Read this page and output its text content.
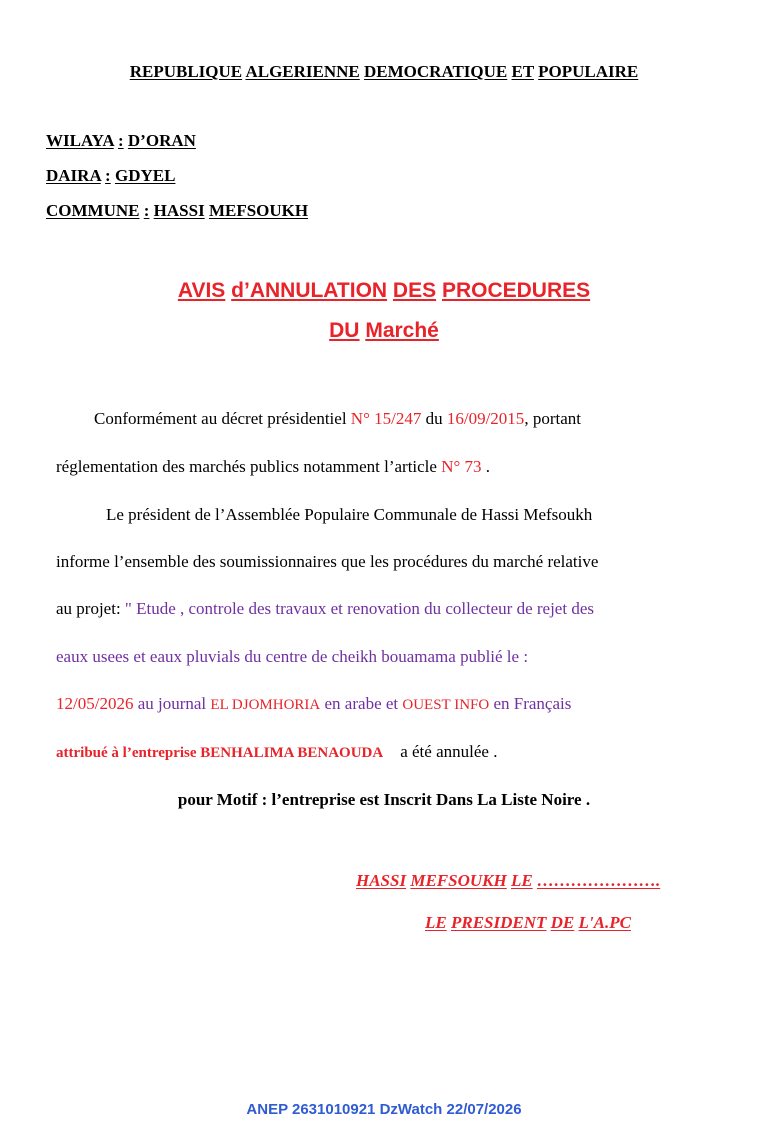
REPUBLIQUE ALGERIENNE DEMOCRATIQUE ET POPULAIRE
WILAYA : D’ORAN
DAIRA : GDYEL
COMMUNE : HASSI MEFSOUKH
AVIS d’ANNULATION DES PROCEDURES
DU Marché
Conformément au décret présidentiel N° 15/247 du 16/09/2015, portant
réglementation des marchés publics notamment l’article N° 73 .
Le président de l’Assemblée Populaire Communale de Hassi Mefsoukh
informe l’ensemble des soumissionnaires que les procédures du marché relative
au projet: " Etude , controle des travaux et renovation du collecteur de rejet des
eaux usees et eaux pluvials du centre de cheikh bouamama publié le :
12/05/2026 au journal EL DJOMHORIA en arabe et OUEST INFO en Français
attribué à l’entreprise BENHALIMA BENAOUDA    a été annulée .
pour Motif : l’entreprise est Inscrit Dans La Liste Noire .
HASSI MEFSOUKH LE ………………….
LE PRESIDENT DE L'A.PC
ANEP 2631010921 DzWatch 22/07/2026
